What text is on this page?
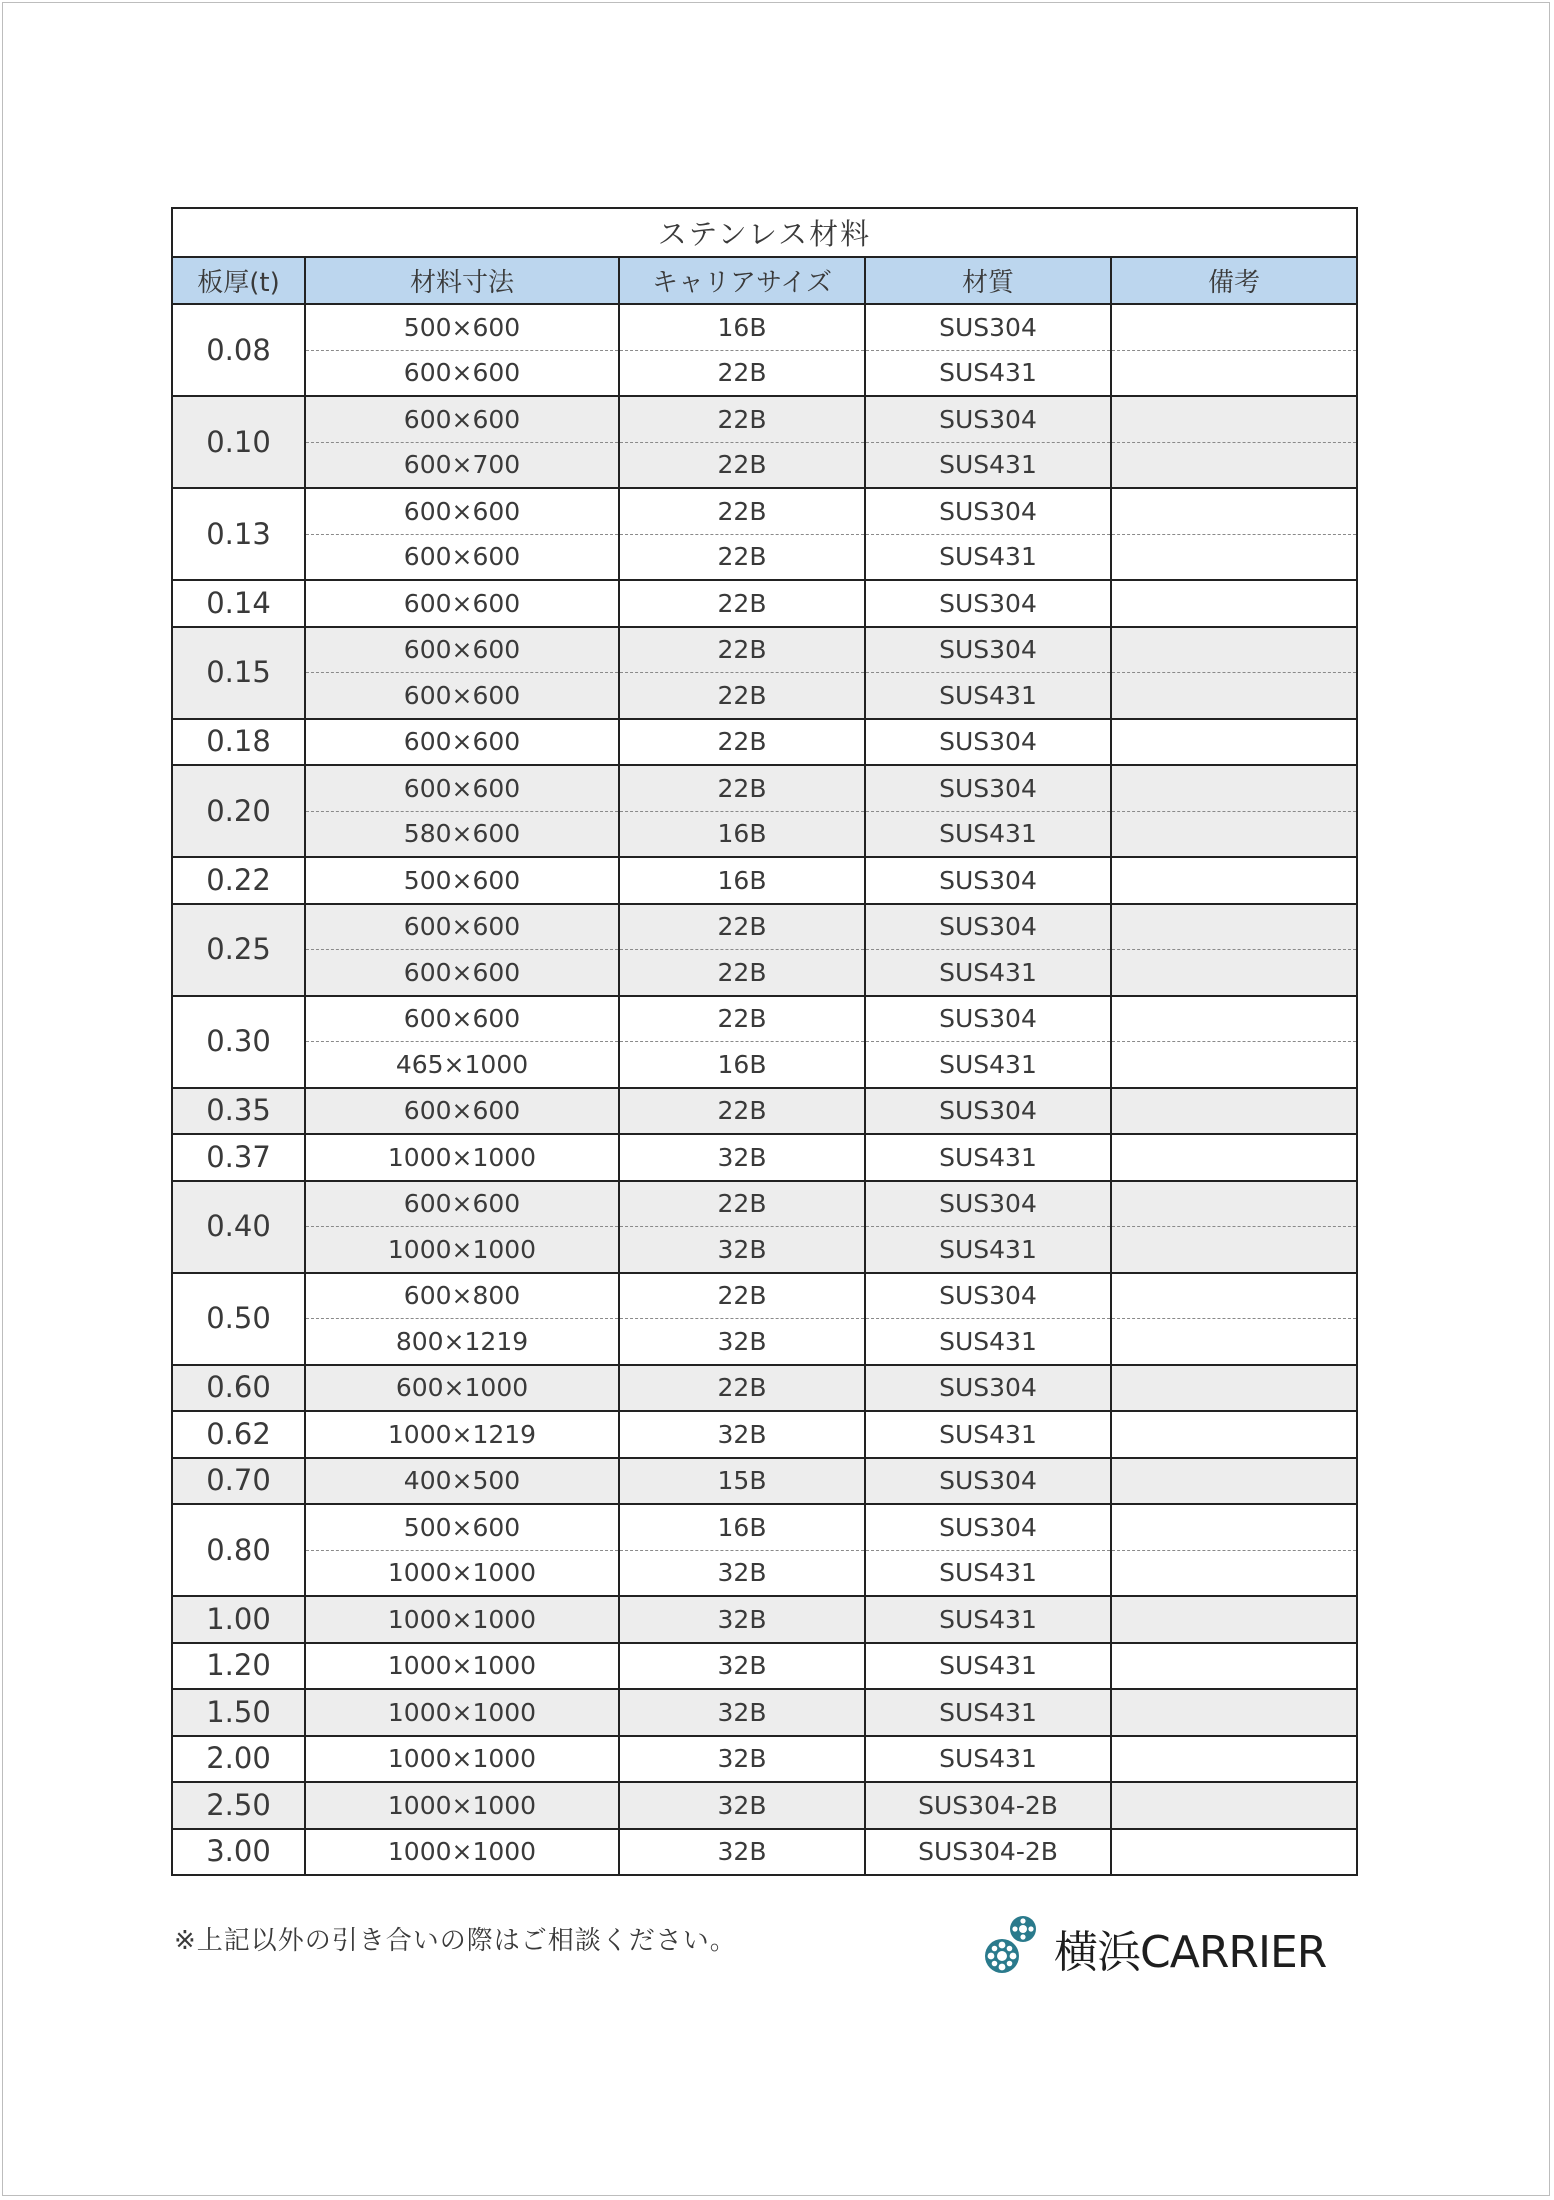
ステンレス材料				
板厚(t)	材料寸法	キャリアサイズ	材質	備考
0.08	500×600	16B	SUS304	
	600×600	22B	SUS431	
0.10	600×600	22B	SUS304	
	600×700	22B	SUS431	
0.13	600×600	22B	SUS304	
	600×600	22B	SUS431	
0.14	600×600	22B	SUS304	
0.15	600×600	22B	SUS304	
	600×600	22B	SUS431	
0.18	600×600	22B	SUS304	
0.20	600×600	22B	SUS304	
	580×600	16B	SUS431	
0.22	500×600	16B	SUS304	
0.25	600×600	22B	SUS304	
	600×600	22B	SUS431	
0.30	600×600	22B	SUS304	
	465×1000	16B	SUS431	
0.35	600×600	22B	SUS304	
0.37	1000×1000	32B	SUS431	
0.40	600×600	22B	SUS304	
	1000×1000	32B	SUS431	
0.50	600×800	22B	SUS304	
	800×1219	32B	SUS431	
0.60	600×1000	22B	SUS304	
0.62	1000×1219	32B	SUS431	
0.70	400×500	15B	SUS304	
0.80	500×600	16B	SUS304	
	1000×1000	32B	SUS431	
1.00	1000×1000	32B	SUS431	
1.20	1000×1000	32B	SUS431	
1.50	1000×1000	32B	SUS431	
2.00	1000×1000	32B	SUS431	
2.50	1000×1000	32B	SUS304-2B	
3.00	1000×1000	32B	SUS304-2B	
※上記以外の引き合いの際はご相談ください。	横浜CARRIER
